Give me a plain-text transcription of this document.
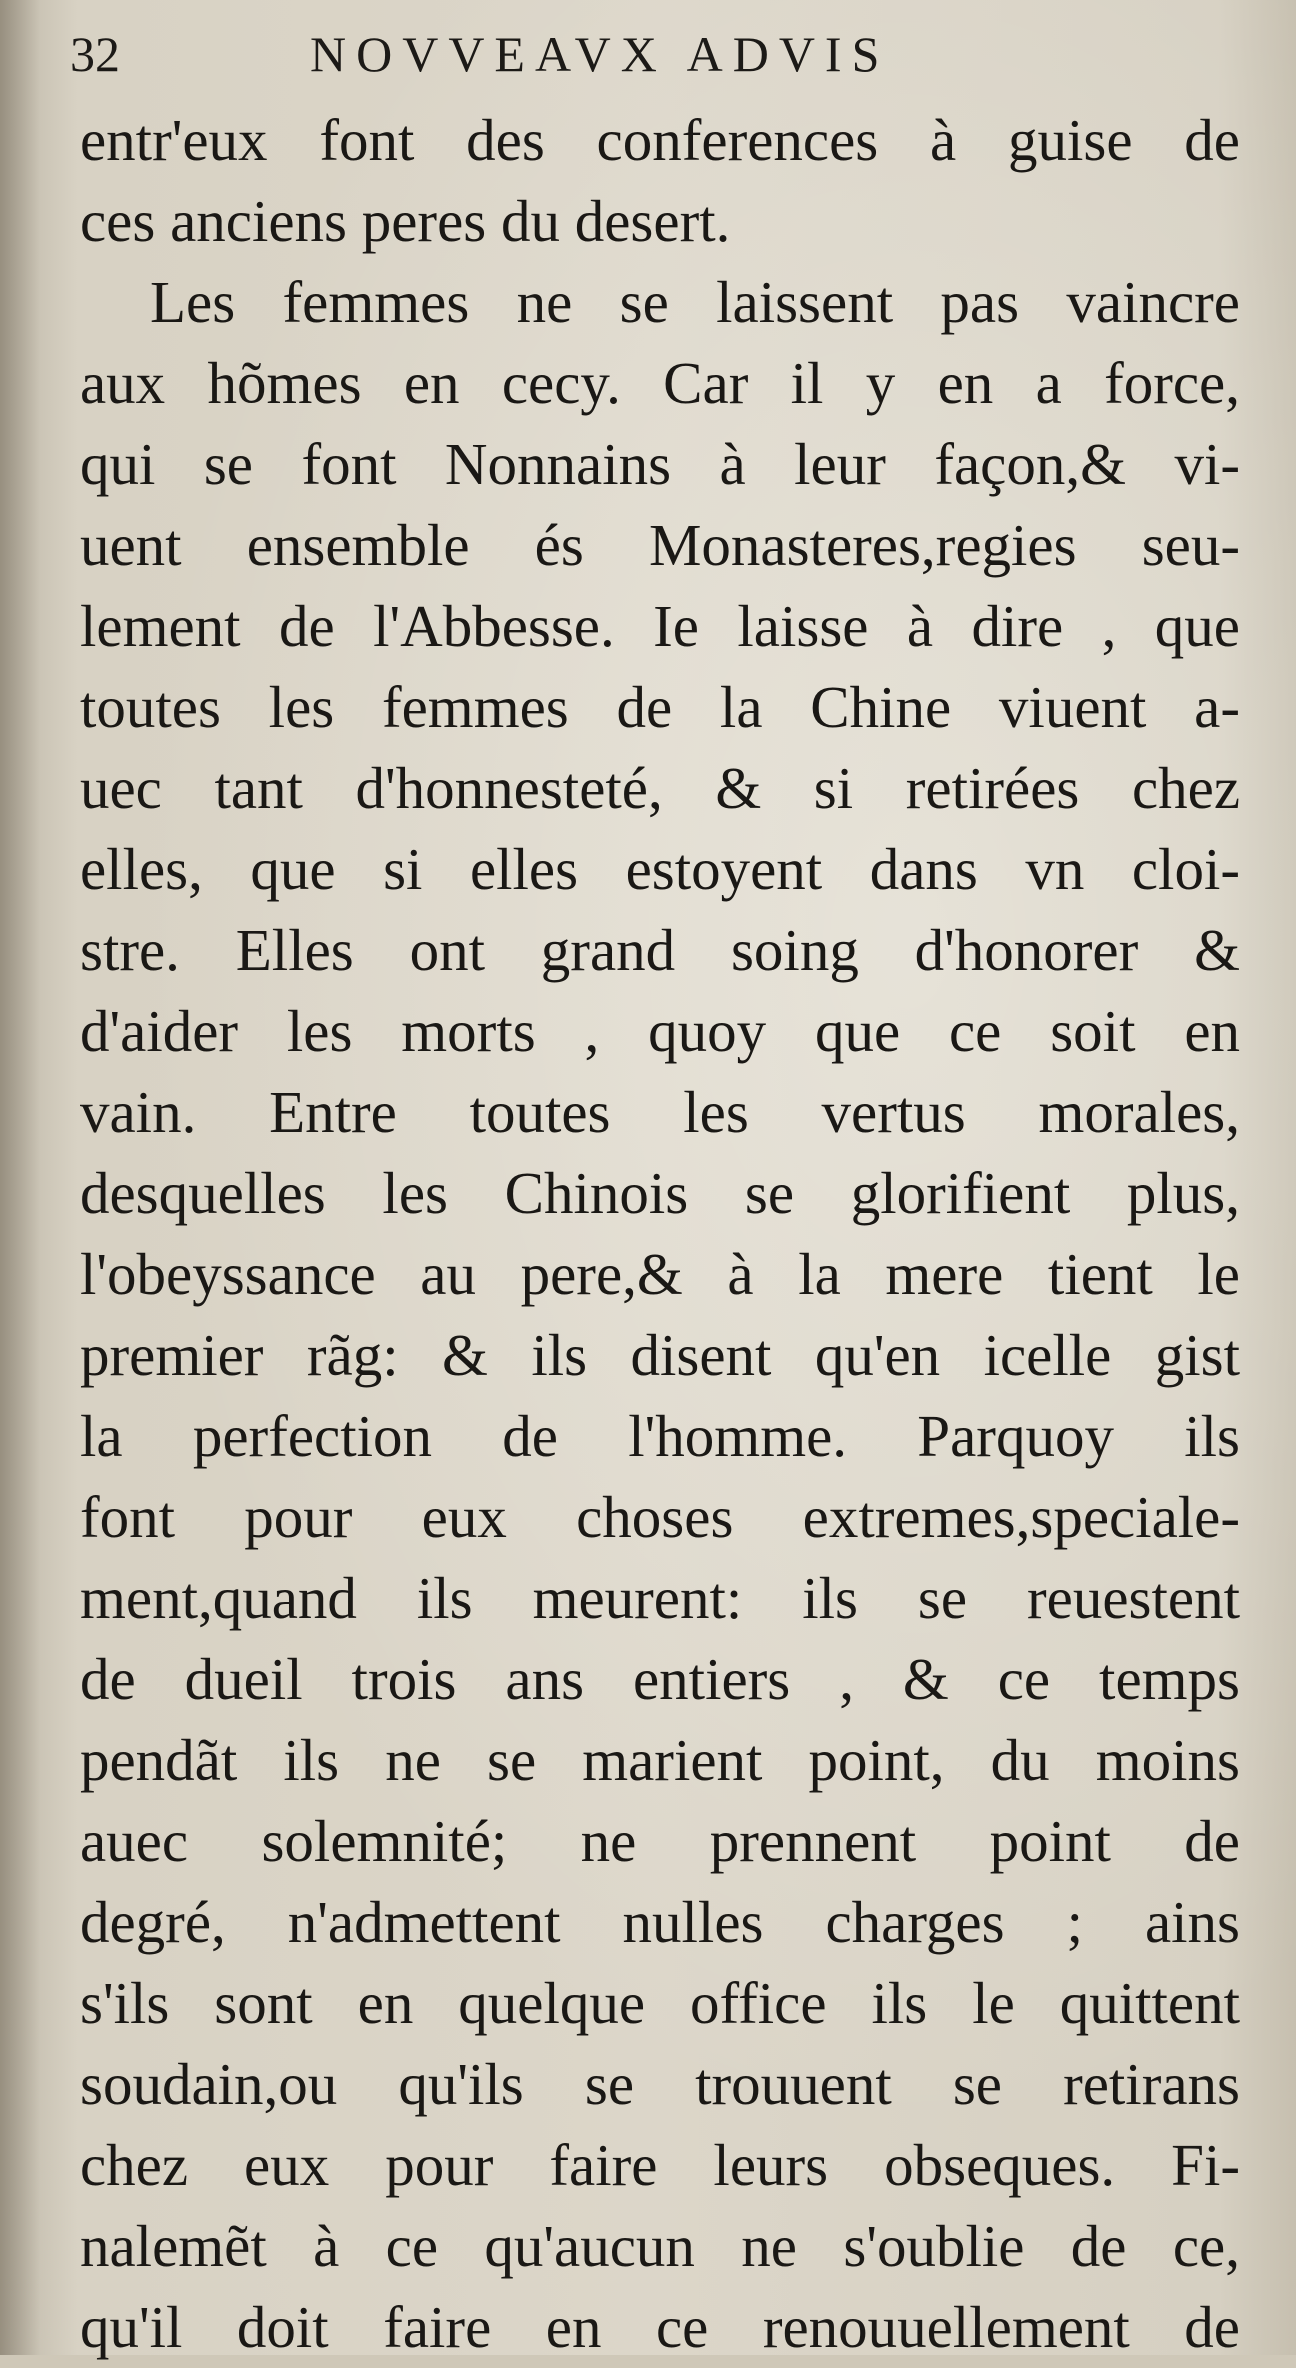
32	NOVVEAVX ADVIS
entr'eux font des conferences à guise de
ces anciens peres du desert.
Les femmes ne se laissent pas vaincre
aux hõmes en cecy. Car il y en a force,
qui se font Nonnains à leur façon,& vi-
uent ensemble és Monasteres,regies seu-
lement de l'Abbesse. Ie laisse à dire , que
toutes les femmes de la Chine viuent a-
uec tant d'honnesteté, & si retirées chez
elles, que si elles estoyent dans vn cloi-
stre. Elles ont grand soing d'honorer &
d'aider les morts , quoy que ce soit en
vain. Entre toutes les vertus morales,
desquelles les Chinois se glorifient plus,
l'obeyssance au pere,& à la mere tient le
premier rãg: & ils disent qu'en icelle gist
la perfection de l'homme. Parquoy ils
font pour eux choses extremes,speciale-
ment,quand ils meurent: ils se reuestent
de dueil trois ans entiers , & ce temps
pendãt ils ne se marient point, du moins
auec solemnité; ne prennent point de
degré, n'admettent nulles charges ; ains
s'ils sont en quelque office ils le quittent
soudain,ou qu'ils se trouuent se retirans
chez eux pour faire leurs obseques. Fi-
nalemẽt à ce qu'aucun ne s'oublie de ce,
qu'il doit faire en ce renouuellement de
